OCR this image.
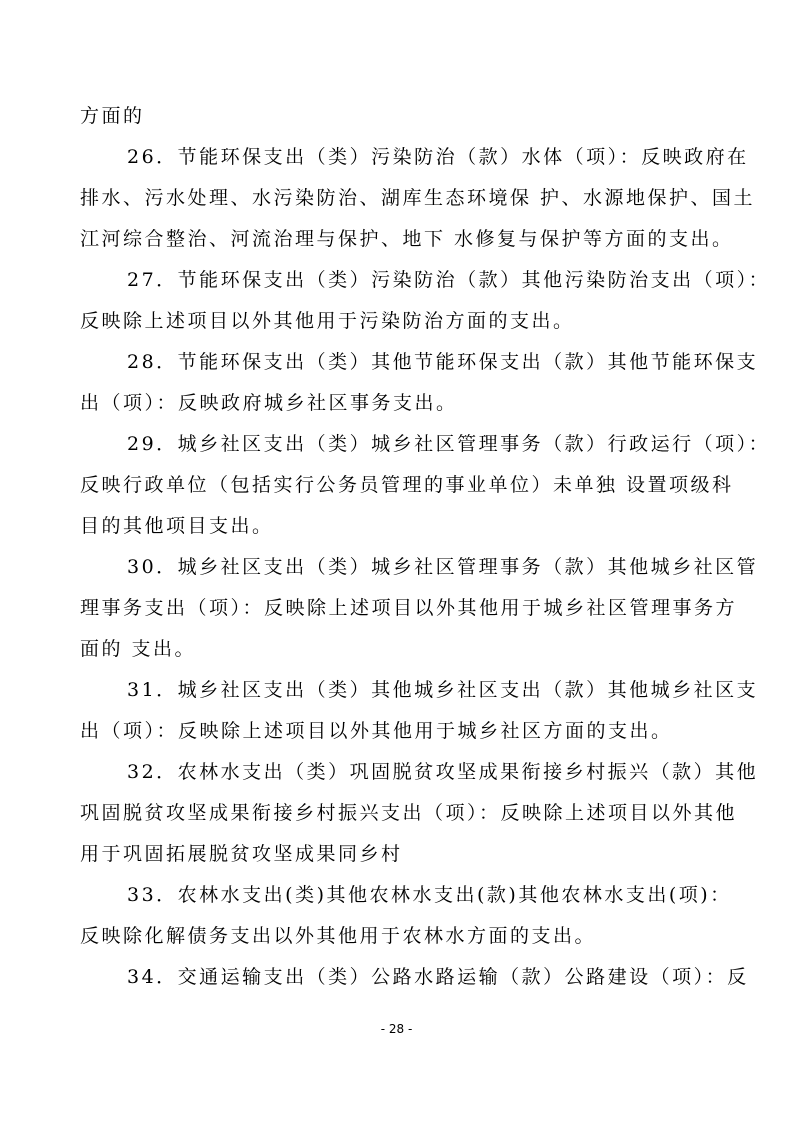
方面的
26．节能环保支出（类）污染防治（款）水体（项）：反映政府在
排水、污水处理、水污染防治、湖库生态环境保 护、水源地保护、国土
江河综合整治、河流治理与保护、地下 水修复与保护等方面的支出。
27．节能环保支出（类）污染防治（款）其他污染防治支出（项）：
反映除上述项目以外其他用于污染防治方面的支出。
28．节能环保支出（类）其他节能环保支出（款）其他节能环保支
出（项）：反映政府城乡社区事务支出。
29．城乡社区支出（类）城乡社区管理事务（款）行政运行（项）：
反映行政单位（包括实行公务员管理的事业单位）未单独 设置项级科
目的其他项目支出。
30．城乡社区支出（类）城乡社区管理事务（款）其他城乡社区管
理事务支出（项）：反映除上述项目以外其他用于城乡社区管理事务方
面的 支出。
31．城乡社区支出（类）其他城乡社区支出（款）其他城乡社区支
出（项）：反映除上述项目以外其他用于城乡社区方面的支出。
32．农林水支出（类）巩固脱贫攻坚成果衔接乡村振兴（款）其他
巩固脱贫攻坚成果衔接乡村振兴支出（项）：反映除上述项目以外其他
用于巩固拓展脱贫攻坚成果同乡村
33．农林水支出(类)其他农林水支出(款)其他农林水支出(项)：
反映除化解债务支出以外其他用于农林水方面的支出。
34．交通运输支出（类）公路水路运输（款）公路建设（项）：反
- 28 -
